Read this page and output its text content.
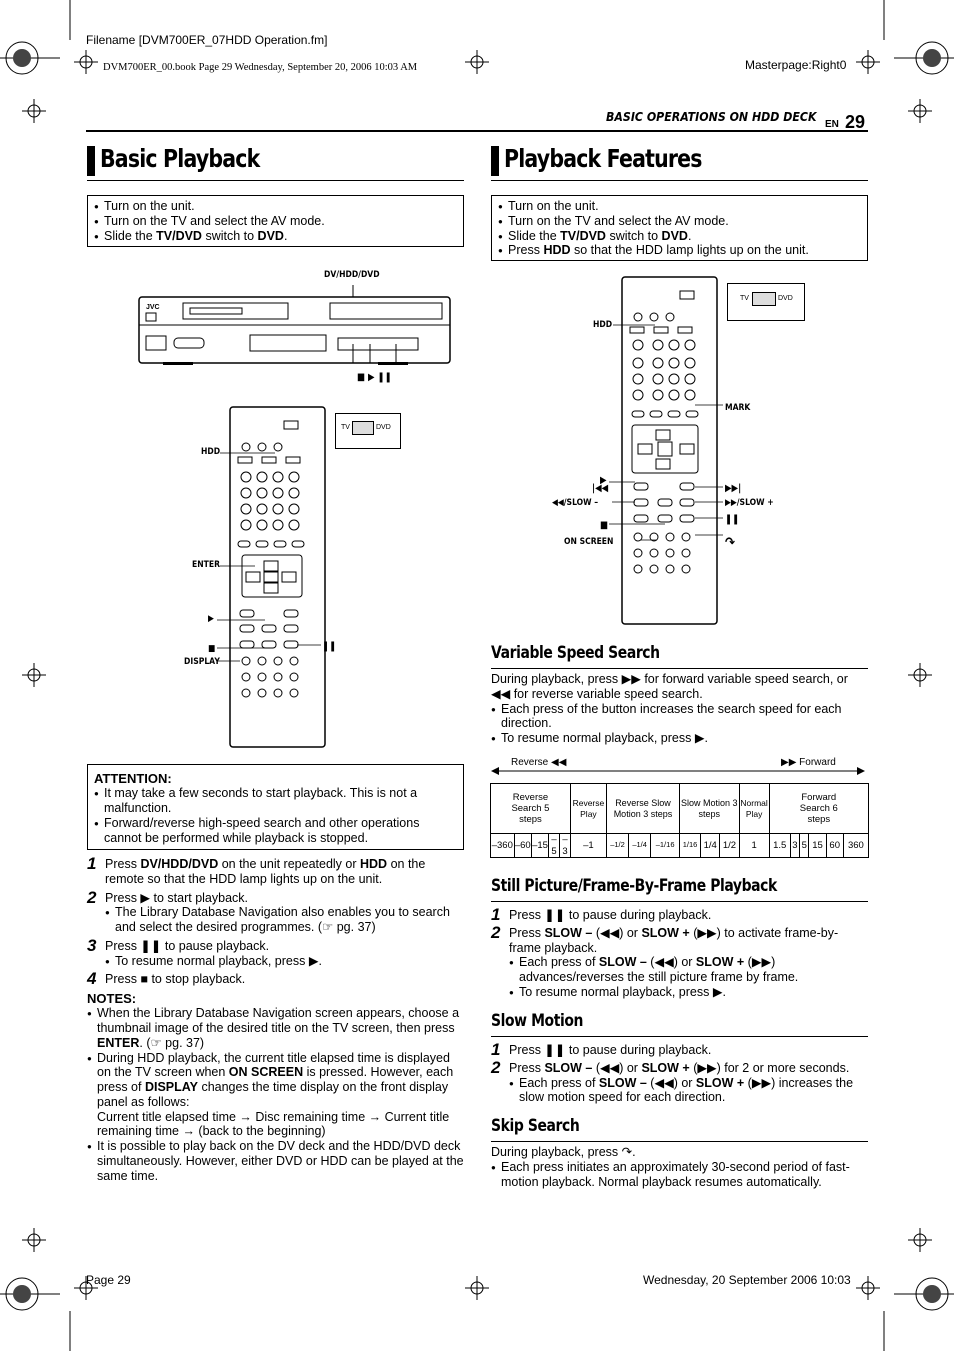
Filename [DVM700ER_07HDD Operation.fm]
DVM700ER_00.book Page 29 Wednesday, September 20, 2006 10:03 AM	Masterpage:Right0
BASIC OPERATIONS ON HDD DECK
EN 29
Basic Playback
● Turn on the unit.
● Turn on the TV and select the AV mode.
● Slide the TV/DVD switch to DVD.
DV/HDD/DVD
JVC
■ ▶ ❚❚
TV	DVD
HDD
ENTER
▶
■
DISPLAY
❚❚
ATTENTION:
● It may take a few seconds to start playback. This is not a malfunction.
● Forward/reverse high-speed search and other operations cannot be performed while playback is stopped.
1 Press DV/HDD/DVD on the unit repeatedly or HDD on the remote so that the HDD lamp lights up on the unit.
2 Press ▶ to start playback.
● The Library Database Navigation also enables you to search and select the desired programmes. (☞ pg. 37)
3 Press ❚❚ to pause playback.
● To resume normal playback, press ▶.
4 Press ■ to stop playback.
NOTES:
● When the Library Database Navigation screen appears, choose a thumbnail image of the desired title on the TV screen, then press ENTER. (☞ pg. 37)
● During HDD playback, the current title elapsed time is displayed on the TV screen when ON SCREEN is pressed. However, each press of DISPLAY changes the time display on the front display panel as follows:
Current title elapsed time → Disc remaining time → Current title remaining time → (back to the beginning)
● It is possible to play back on the DV deck and the HDD/DVD deck simultaneously. However, either DVD or HDD can be played at the same time.
Playback Features
● Turn on the unit.
● Turn on the TV and select the AV mode.
● Slide the TV/DVD switch to DVD.
● Press HDD so that the HDD lamp lights up on the unit.
TV	DVD
HDD
MARK
▶
|◀◀	▶▶|
◀◀/SLOW –	▶▶/SLOW +
■
❚❚
ON SCREEN	↷
Variable Speed Search
During playback, press ▶▶ for forward variable speed search, or ◀◀ for reverse variable speed search.
● Each press of the button increases the search speed for each direction.
● To resume normal playback, press ▶.
Reverse ◀◀	▶▶ Forward
Reverse Search 5 steps					Reverse Play	Reverse Slow Motion 3 steps			Slow Motion 3 steps			Normal Play	Forward Search 6 steps					
–360	–60	–15	–5	–3	–1	–1/2	–1/4	–1/16	1/16	1/4	1/2	1	1.5	3	5	15	60	360
Still Picture/Frame-By-Frame Playback
1 Press ❚❚ to pause during playback.
2 Press SLOW – (◀◀) or SLOW + (▶▶) to activate frame-by-frame playback.
● Each press of SLOW – (◀◀) or SLOW + (▶▶) advances/reverses the still picture frame by frame.
● To resume normal playback, press ▶.
Slow Motion
1 Press ❚❚ to pause during playback.
2 Press SLOW – (◀◀) or SLOW + (▶▶) for 2 or more seconds.
● Each press of SLOW – (◀◀) or SLOW + (▶▶) increases the slow motion speed for each direction.
Skip Search
During playback, press ↷.
● Each press initiates an approximately 30-second period of fast-motion playback. Normal playback resumes automatically.
Page 29	Wednesday, 20 September 2006 10:03
